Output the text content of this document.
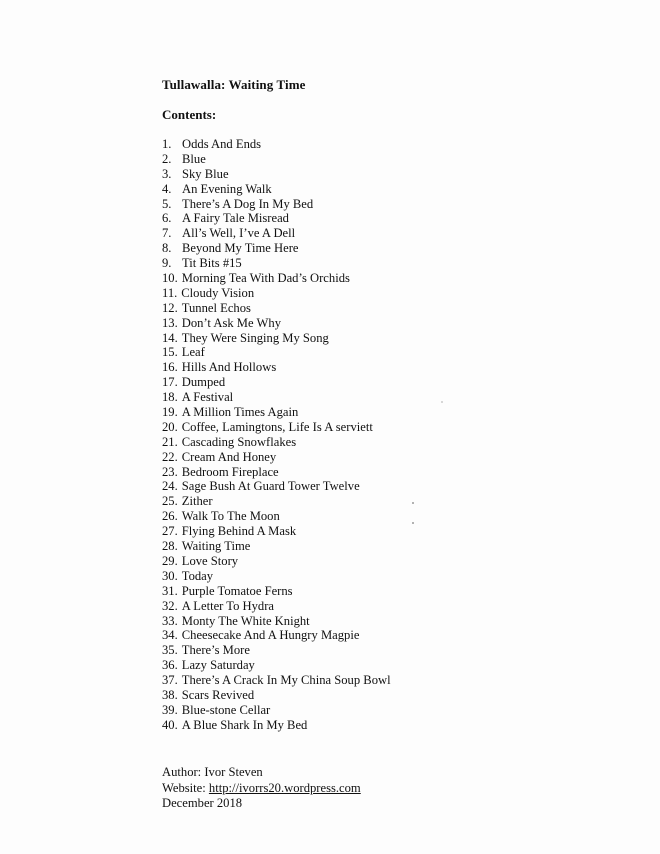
Tullawalla: Waiting Time
Contents:
1. Odds And Ends
2. Blue
3. Sky Blue
4. An Evening Walk
5. There’s A Dog In My Bed
6. A Fairy Tale Misread
7. All’s Well, I’ve A Dell
8. Beyond My Time Here
9. Tit Bits #15
10. Morning Tea With Dad’s Orchids
11. Cloudy Vision
12. Tunnel Echos
13. Don’t Ask Me Why
14. They Were Singing My Song
15. Leaf
16. Hills And Hollows
17. Dumped
18. A Festival
19. A Million Times Again
20. Coffee, Lamingtons, Life Is A serviett
21. Cascading Snowflakes
22. Cream And Honey
23. Bedroom Fireplace
24. Sage Bush At Guard Tower Twelve
25. Zither
26. Walk To The Moon
27. Flying Behind A Mask
28. Waiting Time
29. Love Story
30. Today
31. Purple Tomatoe Ferns
32. A Letter To Hydra
33. Monty The White Knight
34. Cheesecake And A Hungry Magpie
35. There’s More
36. Lazy Saturday
37. There’s A Crack In My China Soup Bowl
38. Scars Revived
39. Blue-stone Cellar
40. A Blue Shark In My Bed
Author: Ivor Steven
Website: http://ivorrs20.wordpress.com
December 2018
